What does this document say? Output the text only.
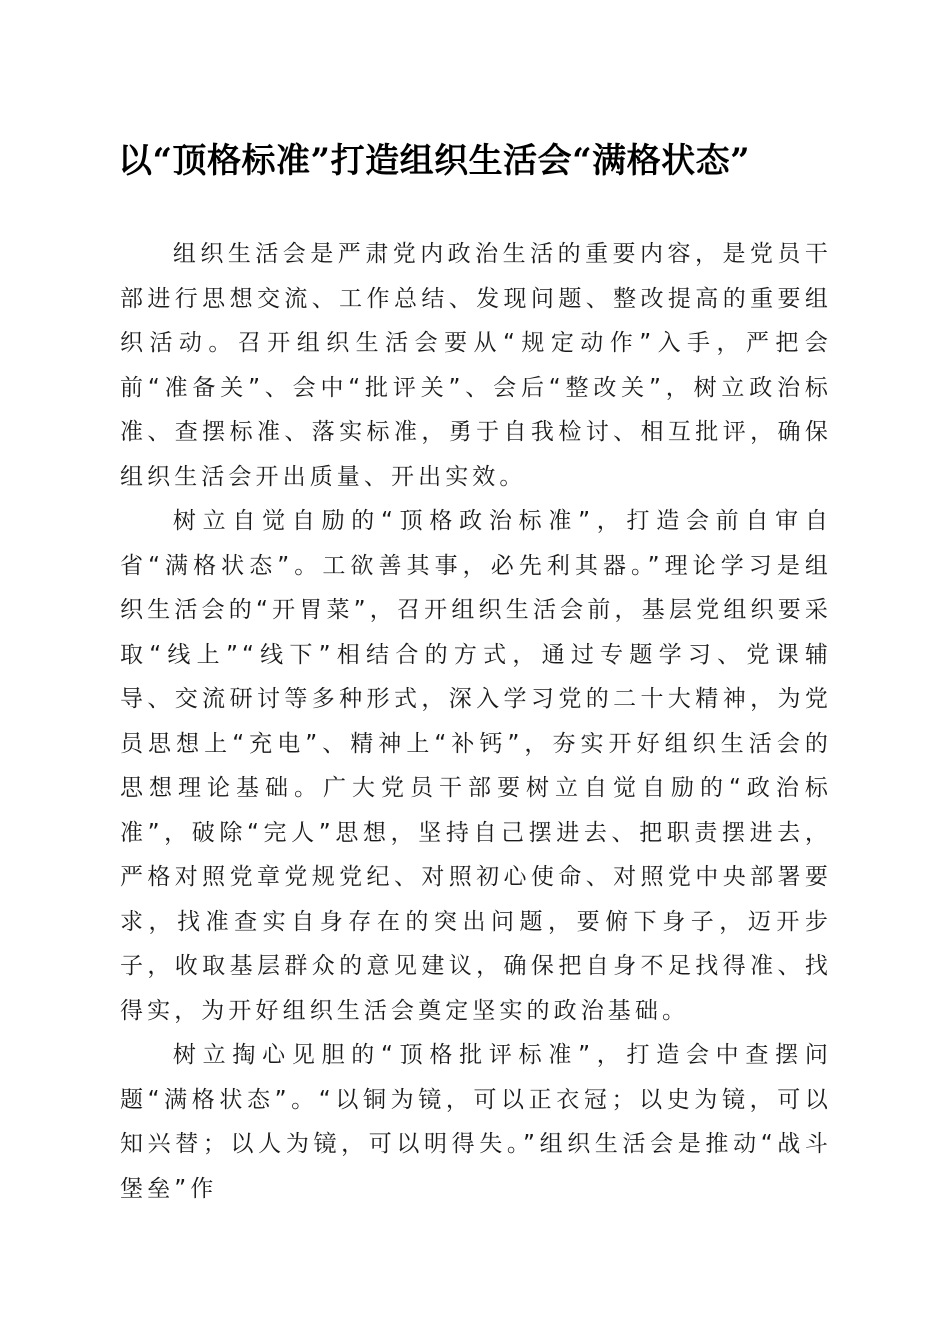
以“顶格标准”打造组织生活会“满格状态”

组织生活会是严肃党内政治生活的重要内容，是党员干部进行思想交流、工作总结、发现问题、整改提高的重要组织活动。召开组织生活会要从“规定动作”入手，严把会前“准备关”、会中“批评关”、会后“整改关”，树立政治标准、查摆标准、落实标准，勇于自我检讨、相互批评，确保组织生活会开出质量、开出实效。

树立自觉自励的“顶格政治标准”，打造会前自审自省“满格状态”。工欲善其事，必先利其器。”理论学习是组织生活会的“开胃菜”，召开组织生活会前，基层党组织要采取“线上”“线下”相结合的方式，通过专题学习、党课辅导、交流研讨等多种形式，深入学习党的二十大精神，为党员思想上“充电”、精神上“补钙”，夯实开好组织生活会的思想理论基础。广大党员干部要树立自觉自励的“政治标准”，破除“完人”思想，坚持自己摆进去、把职责摆进去，严格对照党章党规党纪、对照初心使命、对照党中央部署要求，找准查实自身存在的突出问题，要俯下身子，迈开步子，收取基层群众的意见建议，确保把自身不足找得准、找得实，为开好组织生活会奠定坚实的政治基础。

树立掏心见胆的“顶格批评标准”，打造会中查摆问题“满格状态”。“以铜为镜，可以正衣冠；以史为镜，可以知兴替；以人为镜，可以明得失。”组织生活会是推动“战斗堡垒”作
